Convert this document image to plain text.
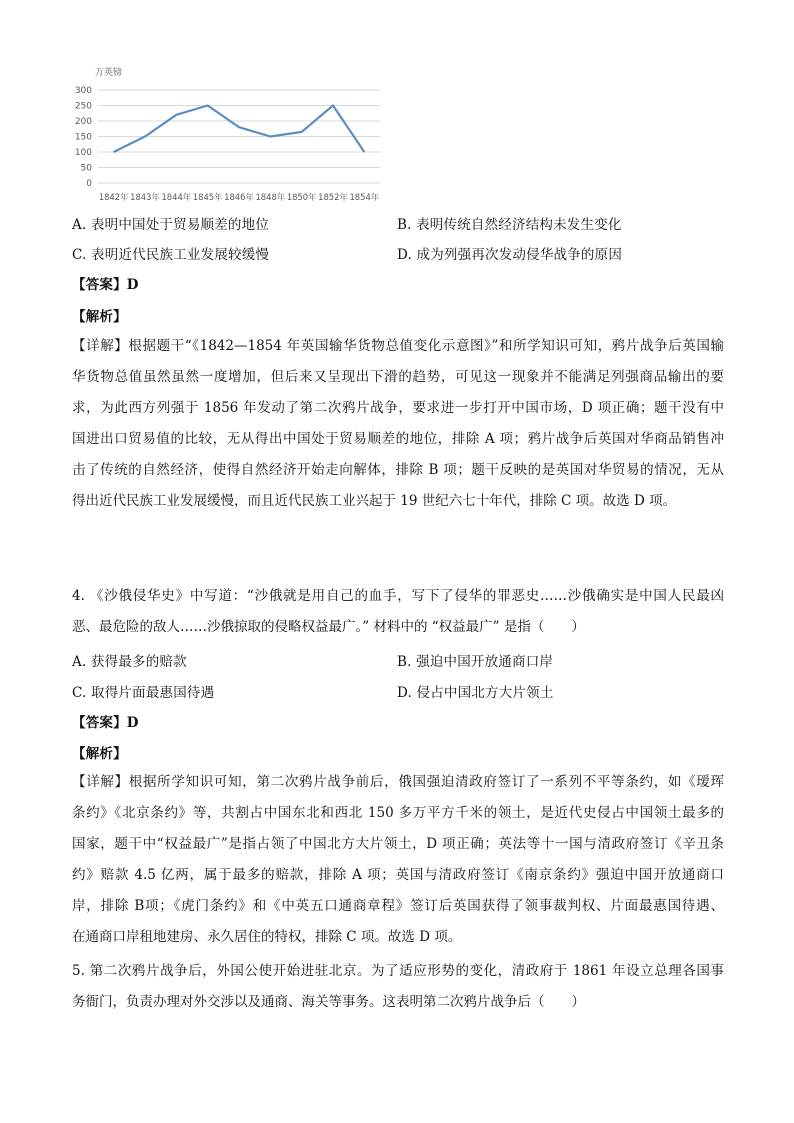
万英镑
0
50
100
150
200
250
300
1842年 1843年 1844年 1845年 1846年 1848年 1850年 1852年 1854年
A. 表明中国处于贸易顺差的地位	B. 表明传统自然经济结构未发生变化
C. 表明近代民族工业发展较缓慢	D. 成为列强再次发动侵华战争的原因
【答案】D
【解析】
【详解】根据题干“《1842—1854 年英国输华货物总值变化示意图》”和所学知识可知，鸦片战争后英国输
华货物总值虽然虽然一度增加，但后来又呈现出下滑的趋势，可见这一现象并不能满足列强商品输出的要
求，为此西方列强于 1856 年发动了第二次鸦片战争，要求进一步打开中国市场，D 项正确；题干没有中
国进出口贸易值的比较，无从得出中国处于贸易顺差的地位，排除 A 项；鸦片战争后英国对华商品销售冲
击了传统的自然经济，使得自然经济开始走向解体，排除 B 项；题干反映的是英国对华贸易的情况，无从
得出近代民族工业发展缓慢，而且近代民族工业兴起于 19 世纪六七十年代，排除 C 项。故选 D 项。
4. 《沙俄侵华史》中写道：“沙俄就是用自己的血手，写下了侵华的罪恶史……沙俄确实是中国人民最凶
恶、最危险的敌人……沙俄掠取的侵略权益最广。” 材料中的 “权益最广” 是指（　　）
A. 获得最多的赔款	B. 强迫中国开放通商口岸
C. 取得片面最惠国待遇	D. 侵占中国北方大片领土
【答案】D
【解析】
【详解】根据所学知识可知，第二次鸦片战争前后，俄国强迫清政府签订了一系列不平等条约，如《瑷珲
条约》《北京条约》等，共割占中国东北和西北 150 多万平方千米的领土，是近代史侵占中国领土最多的
国家，题干中“权益最广”是指占领了中国北方大片领土，D 项正确；英法等十一国与清政府签订《辛丑条
约》赔款 4.5 亿两，属于最多的赔款，排除 A 项；英国与清政府签订《南京条约》强迫中国开放通商口
岸，排除 B项；《虎门条约》和《中英五口通商章程》签订后英国获得了领事裁判权、片面最惠国待遇、
在通商口岸租地建房、永久居住的特权，排除 C 项。故选 D 项。
5. 第二次鸦片战争后，外国公使开始进驻北京。为了适应形势的变化，清政府于 1861 年设立总理各国事
务衙门，负责办理对外交涉以及通商、海关等事务。这表明第二次鸦片战争后（　　）
